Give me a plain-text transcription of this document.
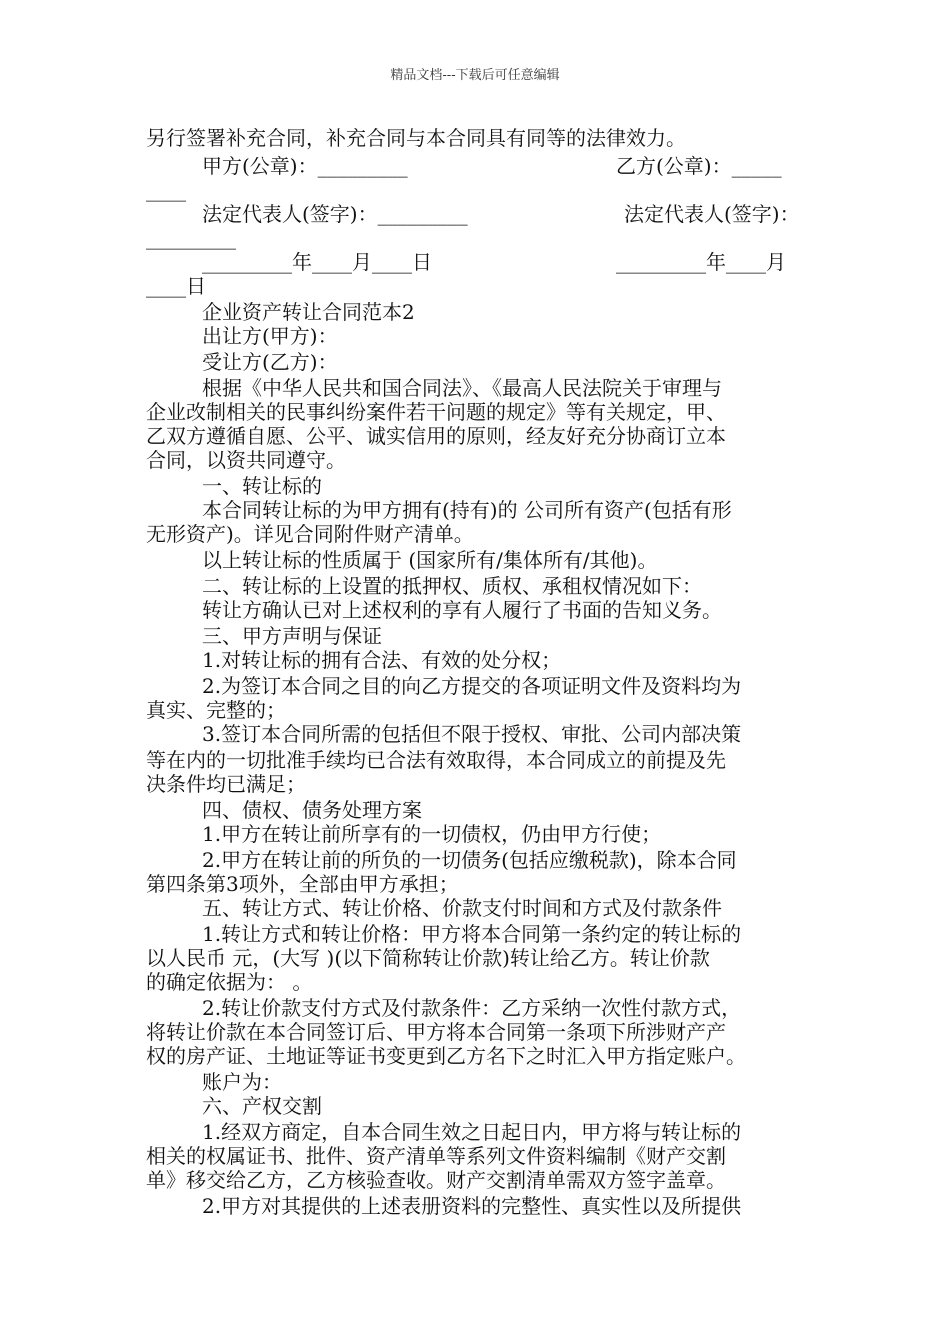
精品文档---下载后可任意编辑
另行签署补充合同，补充合同与本合同具有同等的法律效力。
甲方(公章)：_________	乙方(公章)：_____
____
法定代表人(签字)：_________	法定代表人(签字)：
_________
_________年____月____日	_________年____月
____日
企业资产转让合同范本2
出让方(甲方)：
受让方(乙方)：
根据《中华人民共和国合同法》、《最高人民法院关于审理与
企业改制相关的民事纠纷案件若干问题的规定》等有关规定，甲、
乙双方遵循自愿、公平、诚实信用的原则，经友好充分协商订立本
合同，以资共同遵守。
一、转让标的
本合同转让标的为甲方拥有(持有)的 公司所有资产(包括有形
无形资产)。详见合同附件财产清单。
以上转让标的性质属于 (国家所有/集体所有/其他)。
二、转让标的上设置的抵押权、质权、承租权情况如下：
转让方确认已对上述权利的享有人履行了书面的告知义务。
三、甲方声明与保证
1.对转让标的拥有合法、有效的处分权；
2.为签订本合同之目的向乙方提交的各项证明文件及资料均为
真实、完整的；
3.签订本合同所需的包括但不限于授权、审批、公司内部决策
等在内的一切批准手续均已合法有效取得，本合同成立的前提及先
决条件均已满足；
四、债权、债务处理方案
1.甲方在转让前所享有的一切债权，仍由甲方行使；
2.甲方在转让前的所负的一切债务(包括应缴税款)，除本合同
第四条第3项外，全部由甲方承担；
五、转让方式、转让价格、价款支付时间和方式及付款条件
1.转让方式和转让价格：甲方将本合同第一条约定的转让标的
以人民币 元，(大写 )(以下简称转让价款)转让给乙方。转让价款
的确定依据为： 。
2.转让价款支付方式及付款条件：乙方采纳一次性付款方式，
将转让价款在本合同签订后、甲方将本合同第一条项下所涉财产产
权的房产证、土地证等证书变更到乙方名下之时汇入甲方指定账户。
账户为：
六、产权交割
1.经双方商定，自本合同生效之日起日内，甲方将与转让标的
相关的权属证书、批件、资产清单等系列文件资料编制《财产交割
单》移交给乙方，乙方核验查收。财产交割清单需双方签字盖章。
2.甲方对其提供的上述表册资料的完整性、真实性以及所提供
